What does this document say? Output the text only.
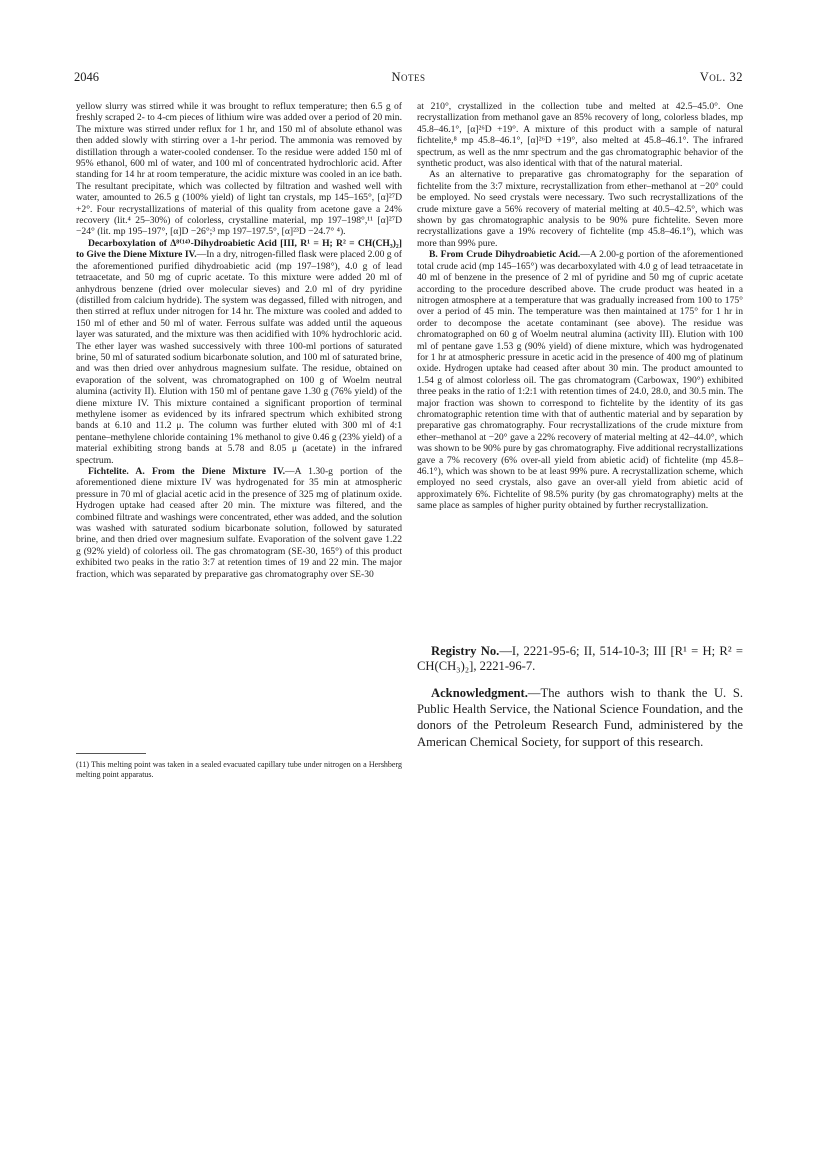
2046	Notes	Vol. 32

yellow slurry was stirred while it was brought to reflux temperature; then 6.5 g of freshly scraped 2- to 4-cm pieces of lithium wire was added over a period of 20 min. The mixture was stirred under reflux for 1 hr, and 150 ml of absolute ethanol was then added slowly with stirring over a 1-hr period. The ammonia was removed by distillation through a water-cooled condenser. To the residue were added 150 ml of 95% ethanol, 600 ml of water, and 100 ml of concentrated hydrochloric acid. After standing for 14 hr at room temperature, the acidic mixture was cooled in an ice bath. The resultant precipitate, which was collected by filtration and washed well with water, amounted to 26.5 g (100% yield) of light tan crystals, mp 145–165°, [α]²⁷D +2°. Four recrystallizations of material of this quality from acetone gave a 24% recovery (lit.⁴ 25–30%) of colorless, crystalline material, mp 197–198°,¹¹ [α]²⁷D −24° (lit. mp 195–197°, [α]D −26°;³ mp 197–197.5°, [α]²³D −24.7° ⁴).

Decarboxylation of Δ⁸⁽¹⁴⁾-Dihydroabietic Acid [III, R¹ = H; R² = CH(CH₃)₂] to Give the Diene Mixture IV.—In a dry, nitrogen-filled flask were placed 2.00 g of the aforementioned purified dihydroabietic acid (mp 197–198°), 4.0 g of lead tetraacetate, and 50 mg of cupric acetate. To this mixture were added 20 ml of anhydrous benzene (dried over molecular sieves) and 2.0 ml of dry pyridine (distilled from calcium hydride). The system was degassed, filled with nitrogen, and then stirred at reflux under nitrogen for 14 hr. The mixture was cooled and added to 150 ml of ether and 50 ml of water. Ferrous sulfate was added until the aqueous layer was saturated, and the mixture was then acidified with 10% hydrochloric acid. The ether layer was washed successively with three 100-ml portions of saturated brine, 50 ml of saturated sodium bicarbonate solution, and 100 ml of saturated brine, and was then dried over anhydrous magnesium sulfate. The residue, obtained on evaporation of the solvent, was chromatographed on 100 g of Woelm neutral alumina (activity II). Elution with 150 ml of pentane gave 1.30 g (76% yield) of the diene mixture IV. This mixture contained a significant proportion of terminal methylene isomer as evidenced by its infrared spectrum which exhibited strong bands at 6.10 and 11.2 μ. The column was further eluted with 300 ml of 4:1 pentane–methylene chloride containing 1% methanol to give 0.46 g (23% yield) of a material exhibiting strong bands at 5.78 and 8.05 μ (acetate) in the infrared spectrum.

Fichtelite. A. From the Diene Mixture IV.—A 1.30-g portion of the aforementioned diene mixture IV was hydrogenated for 35 min at atmospheric pressure in 70 ml of glacial acetic acid in the presence of 325 mg of platinum oxide. Hydrogen uptake had ceased after 20 min. The mixture was filtered, and the combined filtrate and washings were concentrated, ether was added, and the solution was washed with saturated sodium bicarbonate solution, followed by saturated brine, and then dried over magnesium sulfate. Evaporation of the solvent gave 1.22 g (92% yield) of colorless oil. The gas chromatogram (SE-30, 165°) of this product exhibited two peaks in the ratio 3:7 at retention times of 19 and 22 min. The major fraction, which was separated by preparative gas chromatography over SE-30

(11) This melting point was taken in a sealed evacuated capillary tube under nitrogen on a Hershberg melting point apparatus.

at 210°, crystallized in the collection tube and melted at 42.5–45.0°. One recrystallization from methanol gave an 85% recovery of long, colorless blades, mp 45.8–46.1°, [α]²⁶D +19°. A mixture of this product with a sample of natural fichtelite,⁸ mp 45.8–46.1°, [α]²⁶D +19°, also melted at 45.8–46.1°. The infrared spectrum, as well as the nmr spectrum and the gas chromatographic behavior of the synthetic product, was also identical with that of the natural material.

As an alternative to preparative gas chromatography for the separation of fichtelite from the 3:7 mixture, recrystallization from ether–methanol at −20° could be employed. No seed crystals were necessary. Two such recrystallizations of the crude mixture gave a 56% recovery of material melting at 40.5–42.5°, which was shown by gas chromatographic analysis to be 90% pure fichtelite. Seven more recrystallizations gave a 19% recovery of fichtelite (mp 45.8–46.1°), which was more than 99% pure.

B. From Crude Dihydroabietic Acid.—A 2.00-g portion of the aforementioned total crude acid (mp 145–165°) was decarboxylated with 4.0 g of lead tetraacetate in 40 ml of benzene in the presence of 2 ml of pyridine and 50 mg of cupric acetate according to the procedure described above. The crude product was heated in a nitrogen atmosphere at a temperature that was gradually increased from 100 to 175° over a period of 45 min. The temperature was then maintained at 175° for 1 hr in order to decompose the acetate contaminant (see above). The residue was chromatographed on 60 g of Woelm neutral alumina (activity III). Elution with 100 ml of pentane gave 1.53 g (90% yield) of diene mixture, which was hydrogenated for 1 hr at atmospheric pressure in acetic acid in the presence of 400 mg of platinum oxide. Hydrogen uptake had ceased after about 30 min. The product amounted to 1.54 g of almost colorless oil. The gas chromatogram (Carbowax, 190°) exhibited three peaks in the ratio of 1:2:1 with retention times of 24.0, 28.0, and 30.5 min. The major fraction was shown to correspond to fichtelite by the identity of its gas chromatographic retention time with that of authentic material and by separation by preparative gas chromatography. Four recrystallizations of the crude mixture from ether–methanol at −20° gave a 22% recovery of material melting at 42–44.0°, which was shown to be 90% pure by gas chromatography. Five additional recrystallizations gave a 7% recovery (6% over-all yield from abietic acid) of fichtelite (mp 45.8–46.1°), which was shown to be at least 99% pure. A recrystallization scheme, which employed no seed crystals, also gave an over-all yield from abietic acid of approximately 6%. Fichtelite of 98.5% purity (by gas chromatography) melts at the same place as samples of higher purity obtained by further recrystallization.

Registry No.—I, 2221-95-6; II, 514-10-3; III [R¹ = H; R² = CH(CH₃)₂], 2221-96-7.

Acknowledgment.—The authors wish to thank the U. S. Public Health Service, the National Science Foundation, and the donors of the Petroleum Research Fund, administered by the American Chemical Society, for support of this research.
